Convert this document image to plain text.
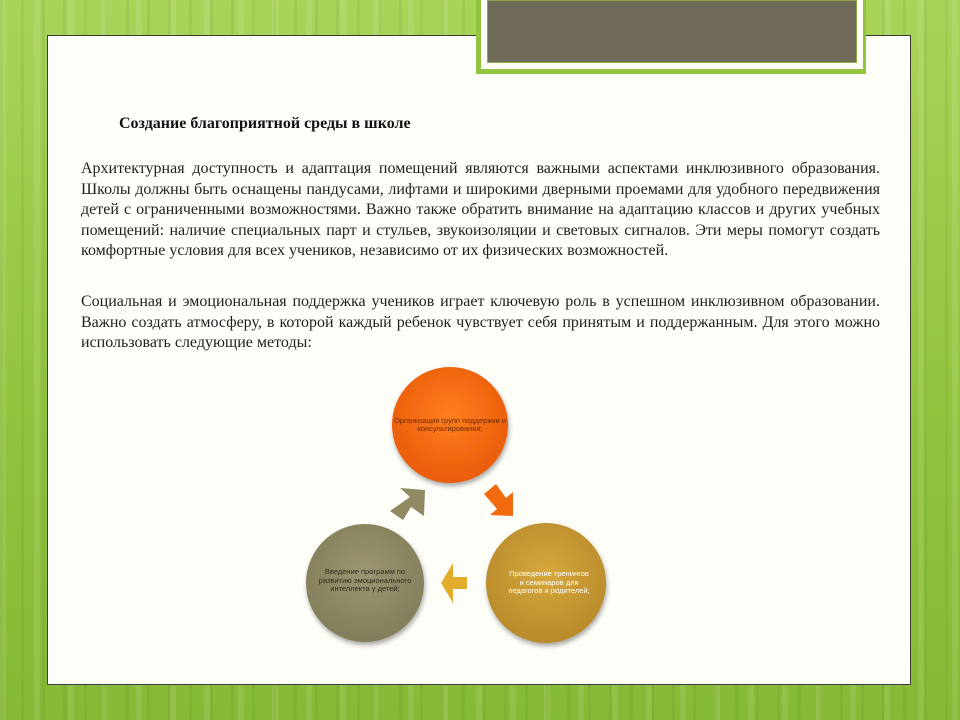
Создание благоприятной среды в школе

Архитектурная доступность и адаптация помещений являются важными аспектами инклюзивного образования. Школы должны быть оснащены пандусами, лифтами и широкими дверными проемами для удобного передвижения детей с ограниченными возможностями. Важно также обратить внимание на адаптацию классов и других учебных помещений: наличие специальных парт и стульев, звукоизоляции и световых сигналов. Эти меры помогут создать комфортные условия для всех учеников, независимо от их физических возможностей.

Социальная и эмоциональная поддержка учеников играет ключевую роль в успешном инклюзивном образовании. Важно создать атмосферу, в которой каждый ребенок чувствует себя принятым и поддержанным. Для этого можно использовать следующие методы:

Организация групп поддержки и консультирования;
Проведение тренингов и семинаров для педагогов и родителей;
Введение программ по развитию эмоционального интеллекта у детей;
